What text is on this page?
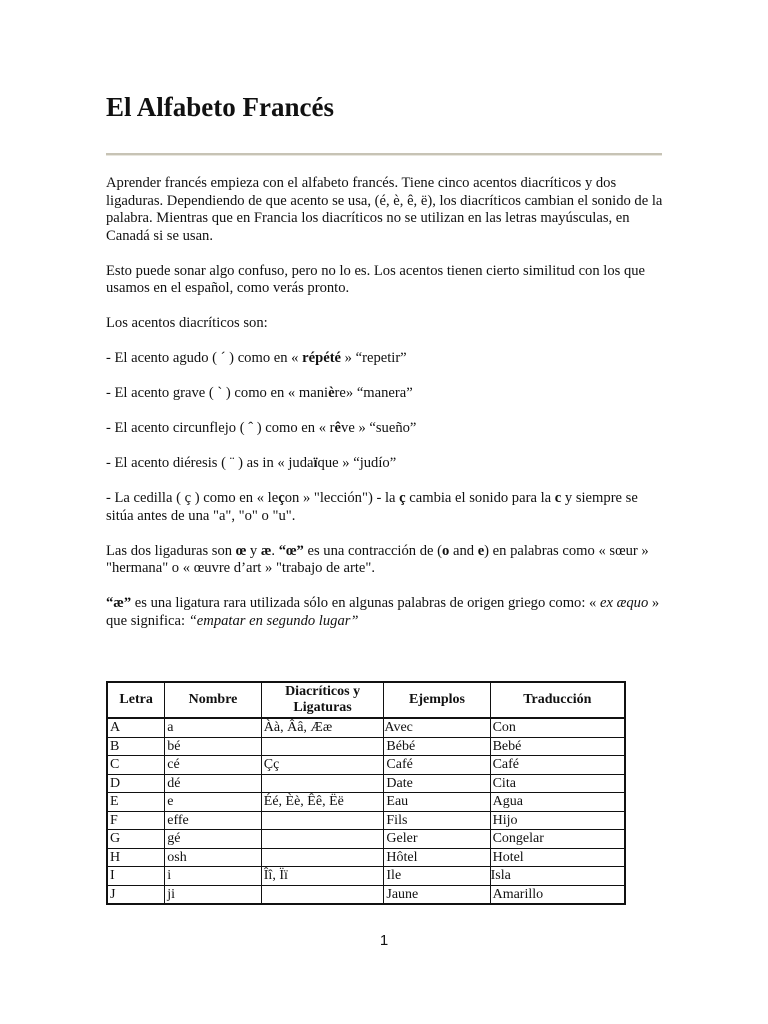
El Alfabeto Francés

Aprender francés empieza con el alfabeto francés. Tiene cinco acentos diacríticos y dos ligaduras. Dependiendo de que acento se usa, (é, è, ê, ë), los diacríticos cambian el sonido de la palabra. Mientras que en Francia los diacríticos no se utilizan en las letras mayúsculas, en Canadá si se usan.

Esto puede sonar algo confuso, pero no lo es. Los acentos tienen cierto similitud con los que usamos en el español, como verás pronto.

Los acentos diacríticos son:

- El acento agudo ( ´ ) como en « répété » “repetir”

- El acento grave ( ` ) como en « manière» “manera”

- El acento circunflejo ( ˆ ) como en « rêve » “sueño”

- El acento diéresis ( ¨ ) as in « judaïque » “judío”

- La cedilla ( ç ) como en « leçon » "lección") - la ç cambia el sonido para la c y siempre se sitúa antes de una "a", "o" o "u".

Las dos ligaduras son œ y æ. “œ” es una contracción de (o and e) en palabras como « sœur » "hermana" o « œuvre d’art » "trabajo de arte".

“æ” es una ligatura rara utilizada sólo en algunas palabras de origen griego como: « ex æquo » que significa: “empatar en segundo lugar”

Letra	Nombre	Diacríticos y Ligaturas	Ejemplos	Traducción
A	a	Àà, Ââ, Ææ	Avec	Con
B	bé		Bébé	Bebé
C	cé	Çç	Café	Café
D	dé		Date	Cita
E	e	Éé, Èè, Êê, Ëë	Eau	Agua
F	effe		Fils	Hijo
G	gé		Geler	Congelar
H	osh		Hôtel	Hotel
I	i	Îî, Ïï	Ile	Isla
J	ji		Jaune	Amarillo
1
